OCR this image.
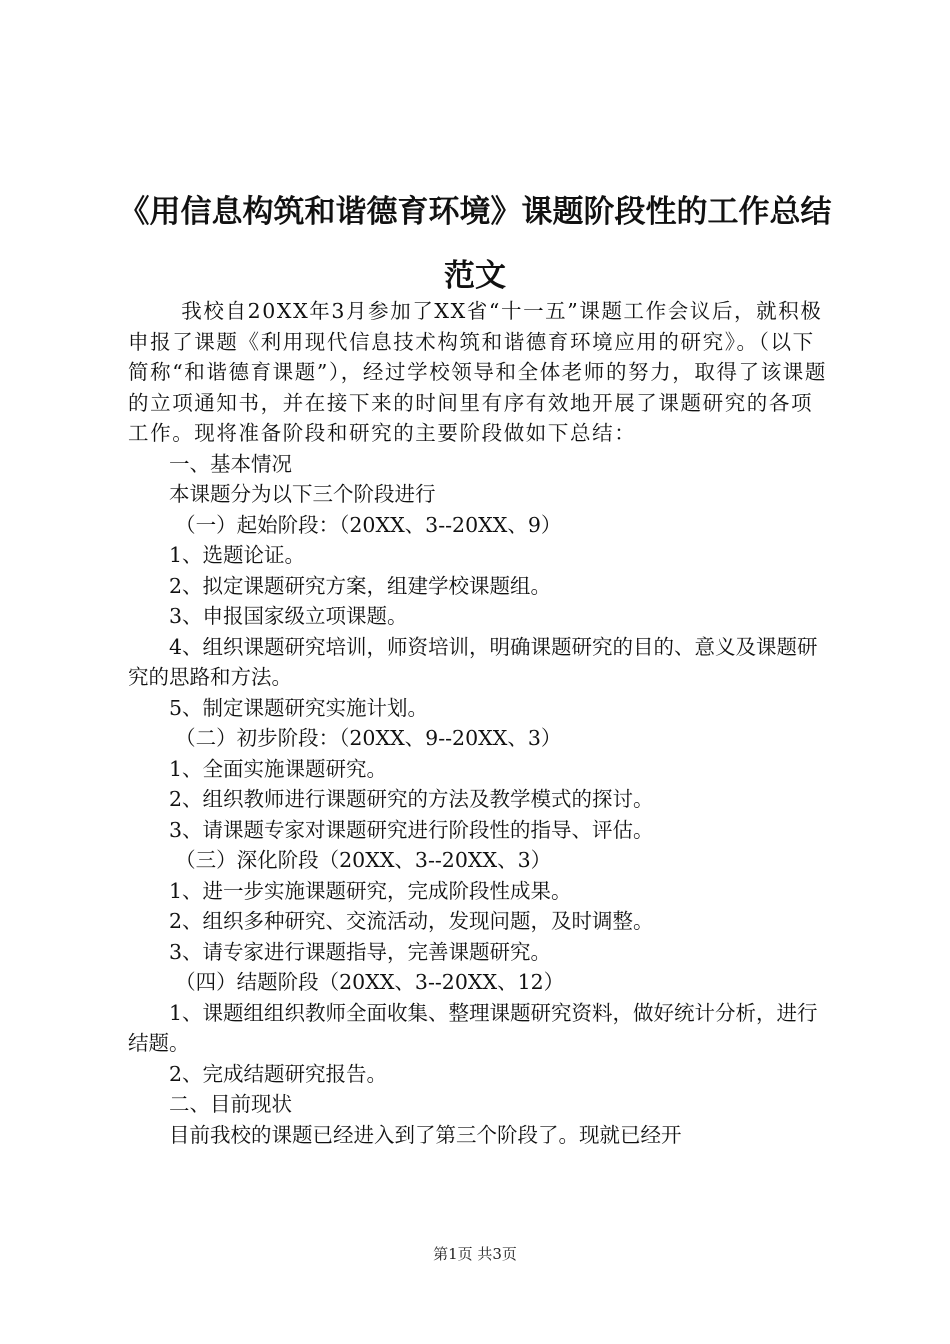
《用信息构筑和谐德育环境》课题阶段性的工作总结范文

我校自20XX年3月参加了XX省“十一五”课题工作会议后，就积极申报了课题《利用现代信息技术构筑和谐德育环境应用的研究》。（以下简称“和谐德育课题”），经过学校领导和全体老师的努力，取得了该课题的立项通知书，并在接下来的时间里有序有效地开展了课题研究的各项工作。现将准备阶段和研究的主要阶段做如下总结：

一、基本情况

本课题分为以下三个阶段进行

（一）起始阶段：（20XX、3--20XX、9）

1、选题论证。

2、拟定课题研究方案，组建学校课题组。

3、申报国家级立项课题。

4、组织课题研究培训，师资培训，明确课题研究的目的、意义及课题研究的思路和方法。

5、制定课题研究实施计划。

（二）初步阶段：（20XX、9--20XX、3）

1、全面实施课题研究。

2、组织教师进行课题研究的方法及教学模式的探讨。

3、请课题专家对课题研究进行阶段性的指导、评估。

（三）深化阶段（20XX、3--20XX、3）

1、进一步实施课题研究，完成阶段性成果。

2、组织多种研究、交流活动，发现问题，及时调整。

3、请专家进行课题指导，完善课题研究。

（四）结题阶段（20XX、3--20XX、12）

1、课题组组织教师全面收集、整理课题研究资料，做好统计分析，进行结题。

2、完成结题研究报告。

二、目前现状

目前我校的课题已经进入到了第三个阶段了。现就已经开

第1页 共3页
